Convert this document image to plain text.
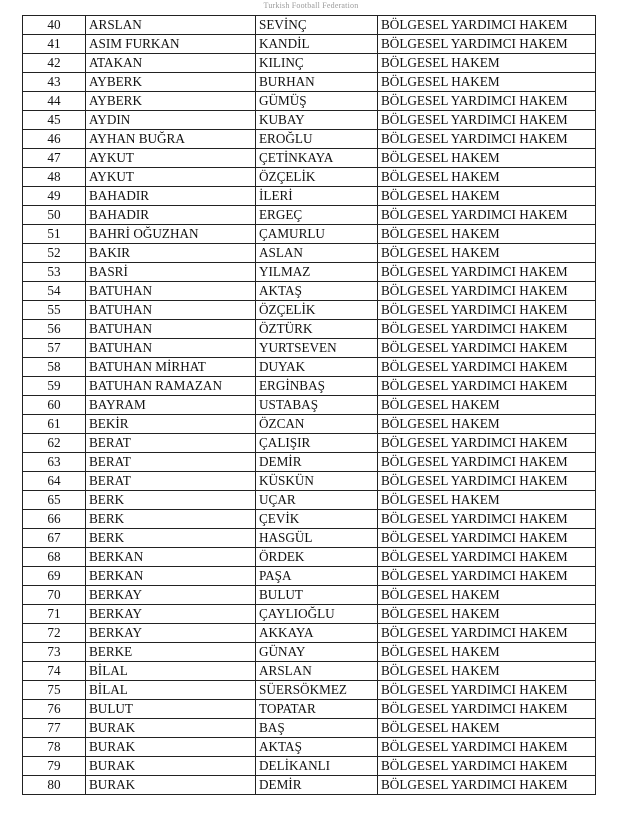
Turkish Football Federation
40	ARSLAN	SEVİNÇ	BÖLGESEL YARDIMCI HAKEM
41	ASIM FURKAN	KANDİL	BÖLGESEL YARDIMCI HAKEM
42	ATAKAN	KILINÇ	BÖLGESEL HAKEM
43	AYBERK	BURHAN	BÖLGESEL HAKEM
44	AYBERK	GÜMÜŞ	BÖLGESEL YARDIMCI HAKEM
45	AYDIN	KUBAY	BÖLGESEL YARDIMCI HAKEM
46	AYHAN BUĞRA	EROĞLU	BÖLGESEL YARDIMCI HAKEM
47	AYKUT	ÇETİNKAYA	BÖLGESEL HAKEM
48	AYKUT	ÖZÇELİK	BÖLGESEL HAKEM
49	BAHADIR	İLERİ	BÖLGESEL HAKEM
50	BAHADIR	ERGEÇ	BÖLGESEL YARDIMCI HAKEM
51	BAHRİ OĞUZHAN	ÇAMURLU	BÖLGESEL HAKEM
52	BAKIR	ASLAN	BÖLGESEL HAKEM
53	BASRİ	YILMAZ	BÖLGESEL YARDIMCI HAKEM
54	BATUHAN	AKTAŞ	BÖLGESEL YARDIMCI HAKEM
55	BATUHAN	ÖZÇELİK	BÖLGESEL YARDIMCI HAKEM
56	BATUHAN	ÖZTÜRK	BÖLGESEL YARDIMCI HAKEM
57	BATUHAN	YURTSEVEN	BÖLGESEL YARDIMCI HAKEM
58	BATUHAN MİRHAT	DUYAK	BÖLGESEL YARDIMCI HAKEM
59	BATUHAN RAMAZAN	ERGİNBAŞ	BÖLGESEL YARDIMCI HAKEM
60	BAYRAM	USTABAŞ	BÖLGESEL HAKEM
61	BEKİR	ÖZCAN	BÖLGESEL HAKEM
62	BERAT	ÇALIŞIR	BÖLGESEL YARDIMCI HAKEM
63	BERAT	DEMİR	BÖLGESEL YARDIMCI HAKEM
64	BERAT	KÜSKÜN	BÖLGESEL YARDIMCI HAKEM
65	BERK	UÇAR	BÖLGESEL HAKEM
66	BERK	ÇEVİK	BÖLGESEL YARDIMCI HAKEM
67	BERK	HASGÜL	BÖLGESEL YARDIMCI HAKEM
68	BERKAN	ÖRDEK	BÖLGESEL YARDIMCI HAKEM
69	BERKAN	PAŞA	BÖLGESEL YARDIMCI HAKEM
70	BERKAY	BULUT	BÖLGESEL HAKEM
71	BERKAY	ÇAYLIOĞLU	BÖLGESEL HAKEM
72	BERKAY	AKKAYA	BÖLGESEL YARDIMCI HAKEM
73	BERKE	GÜNAY	BÖLGESEL HAKEM
74	BİLAL	ARSLAN	BÖLGESEL HAKEM
75	BİLAL	SÜERSÖKMEZ	BÖLGESEL YARDIMCI HAKEM
76	BULUT	TOPATAR	BÖLGESEL YARDIMCI HAKEM
77	BURAK	BAŞ	BÖLGESEL HAKEM
78	BURAK	AKTAŞ	BÖLGESEL YARDIMCI HAKEM
79	BURAK	DELİKANLI	BÖLGESEL YARDIMCI HAKEM
80	BURAK	DEMİR	BÖLGESEL YARDIMCI HAKEM
